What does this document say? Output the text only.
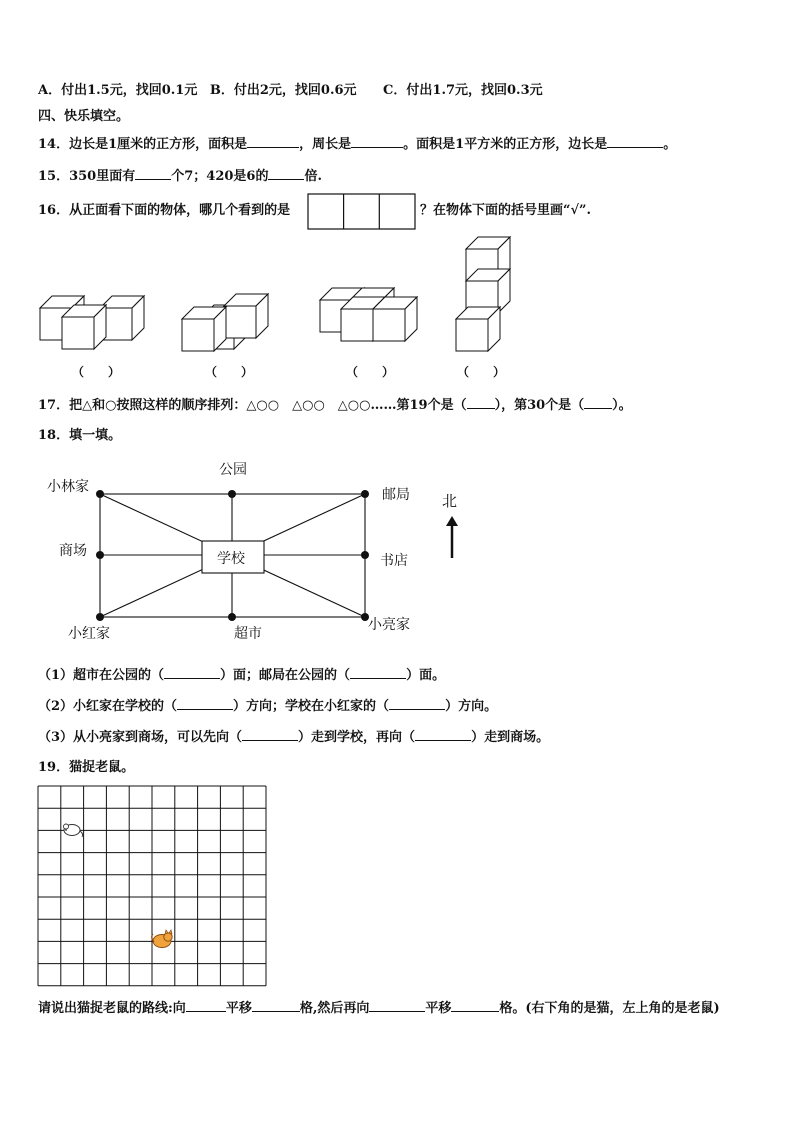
A．付出1.5元，找回0.1元 B．付出2元，找回0.6元 C．付出1.7元，找回0.3元
四、快乐填空。
14．边长是1厘米的正方形，面积是	，周长是	。面积是1平方米的正方形，边长是	。
15．350里面有	个7；420是6的	倍.
16．从正面看下面的物体，哪几个看到的是	？在物体下面的括号里画“√”.
（　　）	（　　）	（　　）	（　　）
17．把△和○按照这样的顺序排列：△○○　△○○　△○○……第19个是（ ），第30个是（ ）。
18．填一填。
公园
小林家	邮局
商场	学校	书店
小红家	超市
小亮家
北
（1）超市在公园的（	）面；邮局在公园的（	）面。
（2）小红家在学校的（	）方向；学校在小红家的（	）方向。
（3）从小亮家到商场，可以先向（	）走到学校，再向（	）走到商场。
19．猫捉老鼠。
请说出猫捉老鼠的路线:向	平移	格,然后再向	平移	格。(右下角的是猫，左上角的是老鼠)
